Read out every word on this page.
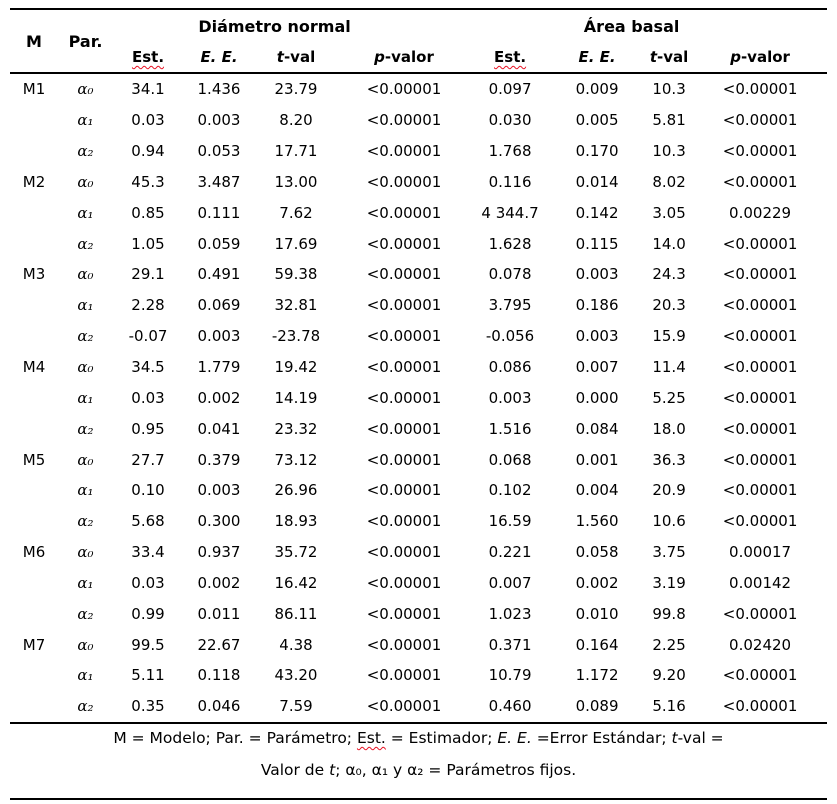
M	Par.	Diámetro normal				Área basal			
		Est.	E. E.	t-val	p-valor	Est.	E. E.	t-val	p-valor
M1	α₀	34.1	1.436	23.79	<0.00001	0.097	0.009	10.3	<0.00001
	α₁	0.03	0.003	8.20	<0.00001	0.030	0.005	5.81	<0.00001
	α₂	0.94	0.053	17.71	<0.00001	1.768	0.170	10.3	<0.00001
M2	α₀	45.3	3.487	13.00	<0.00001	0.116	0.014	8.02	<0.00001
	α₁	0.85	0.111	7.62	<0.00001	4 344.7	0.142	3.05	0.00229
	α₂	1.05	0.059	17.69	<0.00001	1.628	0.115	14.0	<0.00001
M3	α₀	29.1	0.491	59.38	<0.00001	0.078	0.003	24.3	<0.00001
	α₁	2.28	0.069	32.81	<0.00001	3.795	0.186	20.3	<0.00001
	α₂	-0.07	0.003	-23.78	<0.00001	-0.056	0.003	15.9	<0.00001
M4	α₀	34.5	1.779	19.42	<0.00001	0.086	0.007	11.4	<0.00001
	α₁	0.03	0.002	14.19	<0.00001	0.003	0.000	5.25	<0.00001
	α₂	0.95	0.041	23.32	<0.00001	1.516	0.084	18.0	<0.00001
M5	α₀	27.7	0.379	73.12	<0.00001	0.068	0.001	36.3	<0.00001
	α₁	0.10	0.003	26.96	<0.00001	0.102	0.004	20.9	<0.00001
	α₂	5.68	0.300	18.93	<0.00001	16.59	1.560	10.6	<0.00001
M6	α₀	33.4	0.937	35.72	<0.00001	0.221	0.058	3.75	0.00017
	α₁	0.03	0.002	16.42	<0.00001	0.007	0.002	3.19	0.00142
	α₂	0.99	0.011	86.11	<0.00001	1.023	0.010	99.8	<0.00001
M7	α₀	99.5	22.67	4.38	<0.00001	0.371	0.164	2.25	0.02420
	α₁	5.11	0.118	43.20	<0.00001	10.79	1.172	9.20	<0.00001
	α₂	0.35	0.046	7.59	<0.00001	0.460	0.089	5.16	<0.00001
M = Modelo; Par. = Parámetro; Est. = Estimador; E. E. =Error Estándar; t-val =
Valor de t; α₀, α₁ y α₂ = Parámetros fijos.
